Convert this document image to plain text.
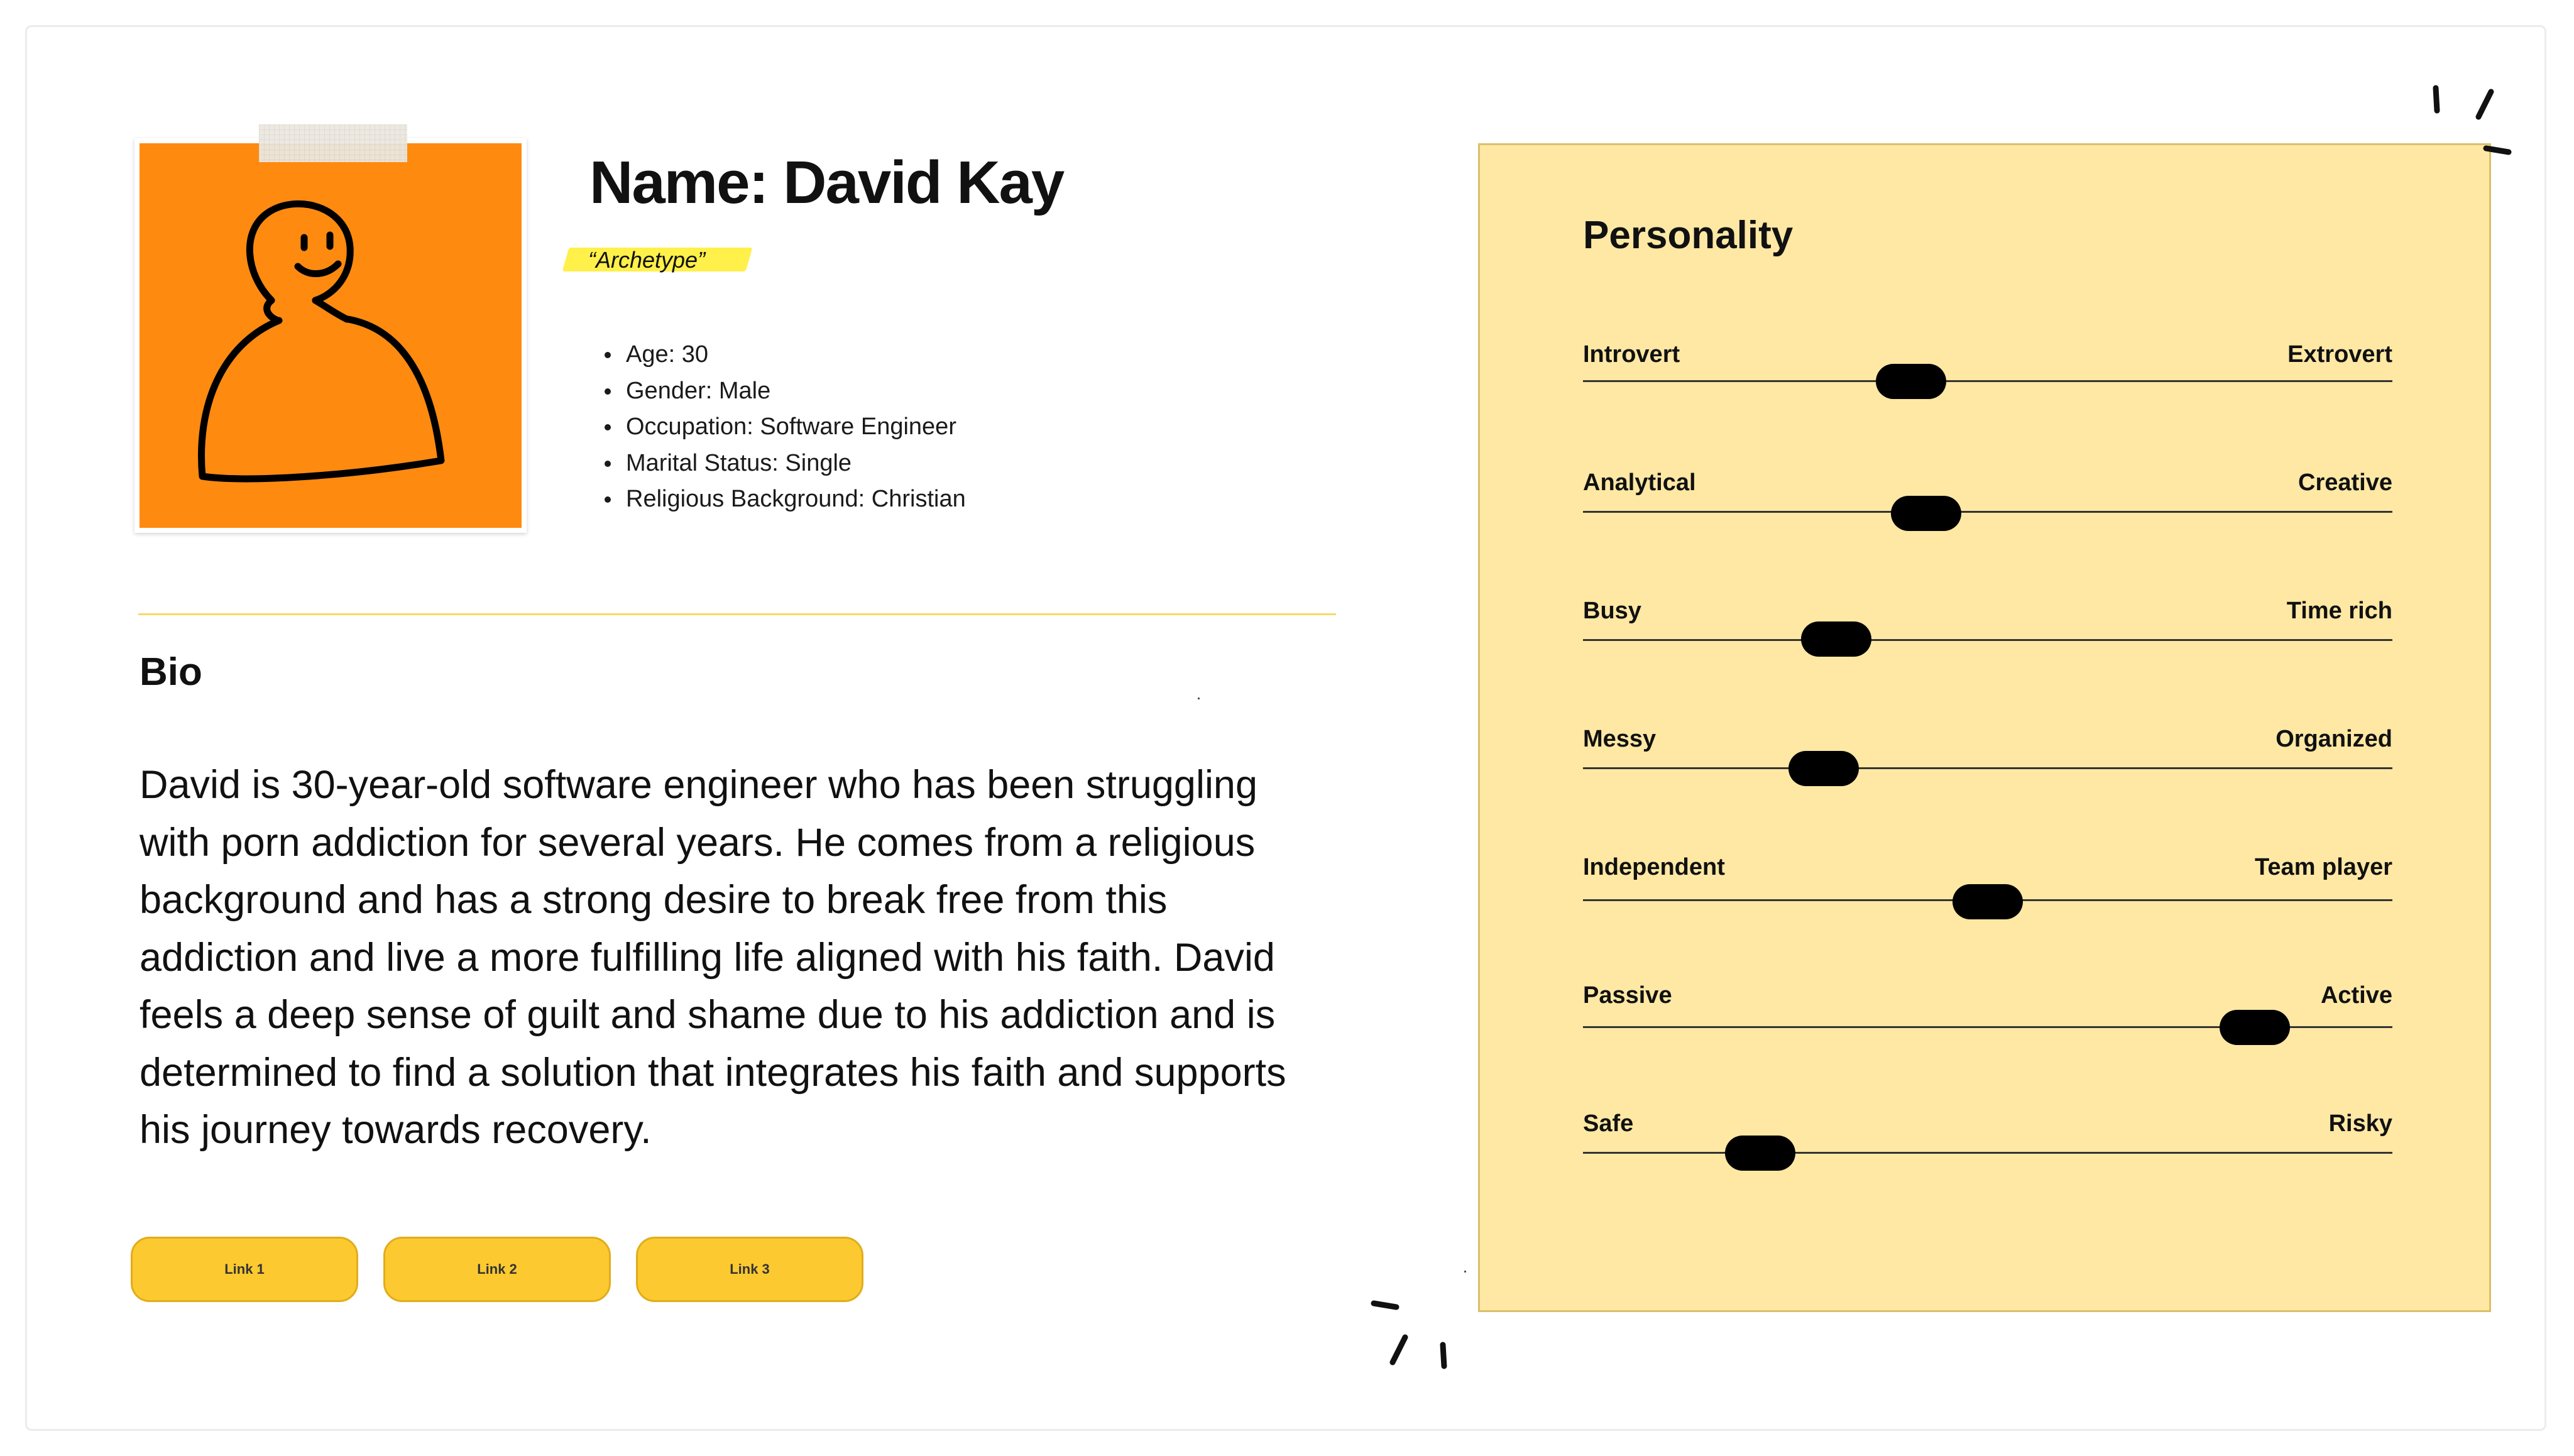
Name: David Kay
“Archetype”
Age: 30
Gender: Male
Occupation: Software Engineer
Marital Status: Single
Religious Background: Christian
Bio
David is 30-year-old software engineer who has been struggling with porn addiction for several years. He comes from a religious background and has a strong desire to break free from this addiction and live a more fulfilling life aligned with his faith. David feels a deep sense of guilt and shame due to his addiction and is determined to find a solution that integrates his faith and supports his journey towards recovery.
Link 1	Link 2	Link 3
Personality
Introvert	Extrovert
Analytical	Creative
Busy	Time rich
Messy	Organized
Independent	Team player
Passive	Active
Safe	Risky
